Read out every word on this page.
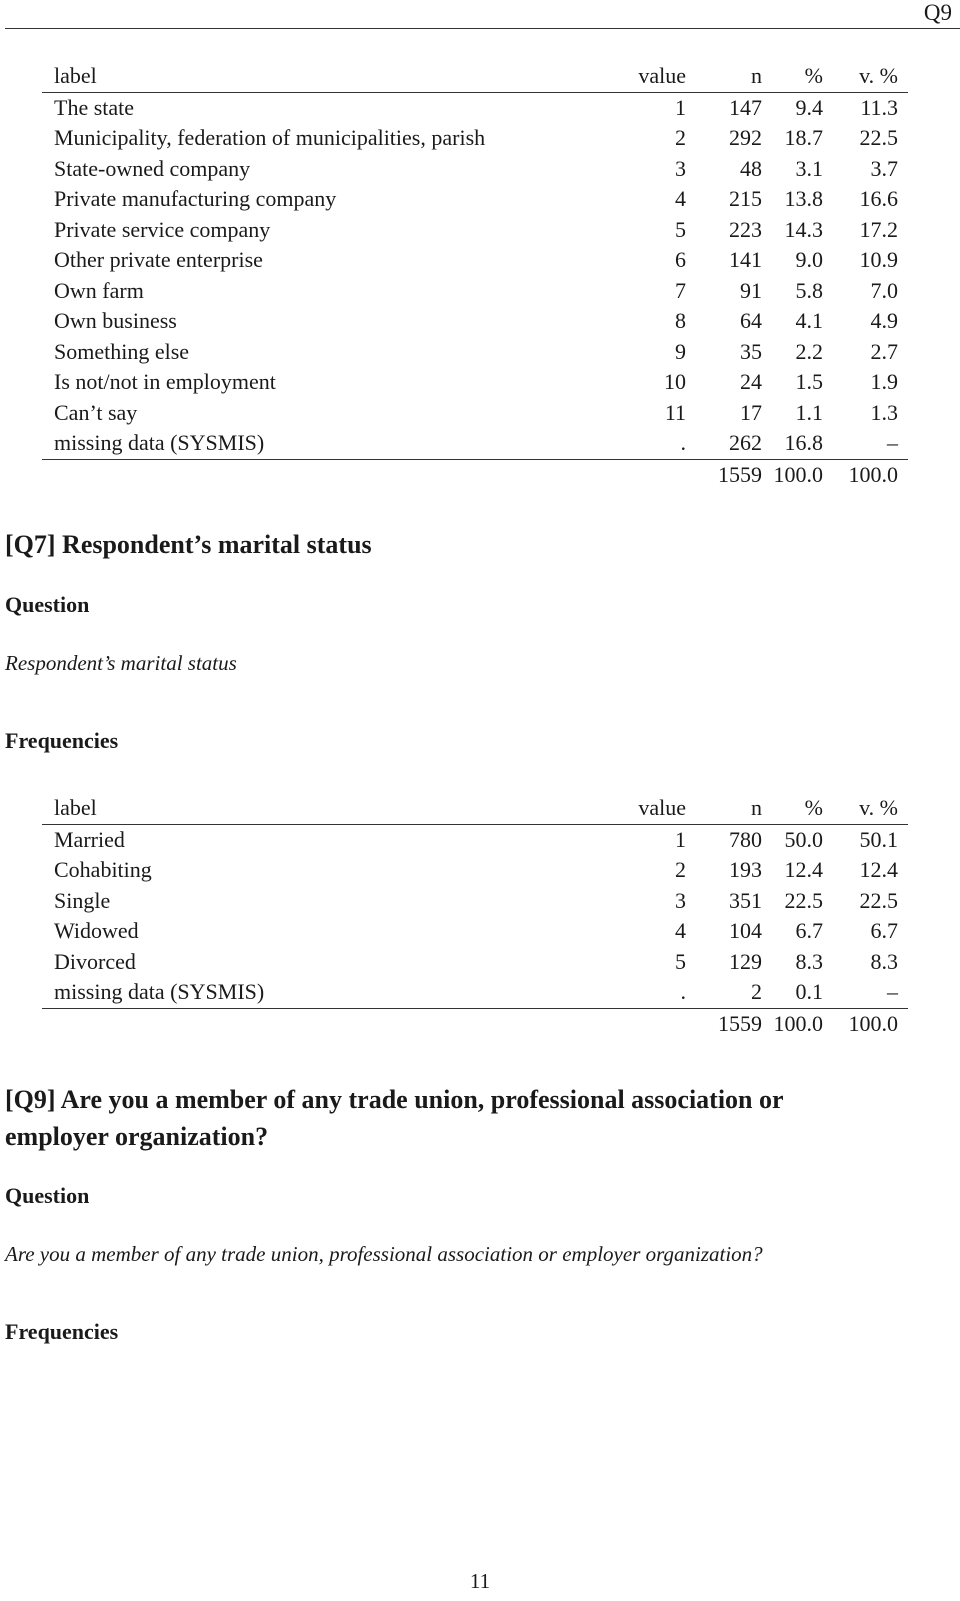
Q9
label	value	n % v. %
The state	1 147 9.4 11.3
Municipality, federation of municipalities, parish	2 292 18.7 22.5
State-owned company	3 48 3.1 3.7
Private manufacturing company	4 215 13.8 16.6
Private service company	5 223 14.3 17.2
Other private enterprise	6 141 9.0 10.9
Own farm	7 91 5.8 7.0
Own business	8 64 4.1 4.9
Something else	9 35 2.2 2.7
Is not/not in employment	10 24 1.5 1.9
Can’t say	11 17 1.1 1.3
missing data (SYSMIS)	. 262 16.8	–
1559 100.0 100.0
[Q7] Respondent’s marital status
Question
Respondent’s marital status
Frequencies
label	value	n % v. %
Married	1 780 50.0 50.1
Cohabiting	2 193 12.4 12.4
Single	3 351 22.5 22.5
Widowed	4 104 6.7 6.7
Divorced	5 129 8.3 8.3
missing data (SYSMIS)	.	2 0.1	–
1559 100.0 100.0
[Q9] Are you a member of any trade union, professional association or
employer organization?
Question
Are you a member of any trade union, professional association or employer organization?
Frequencies
11
